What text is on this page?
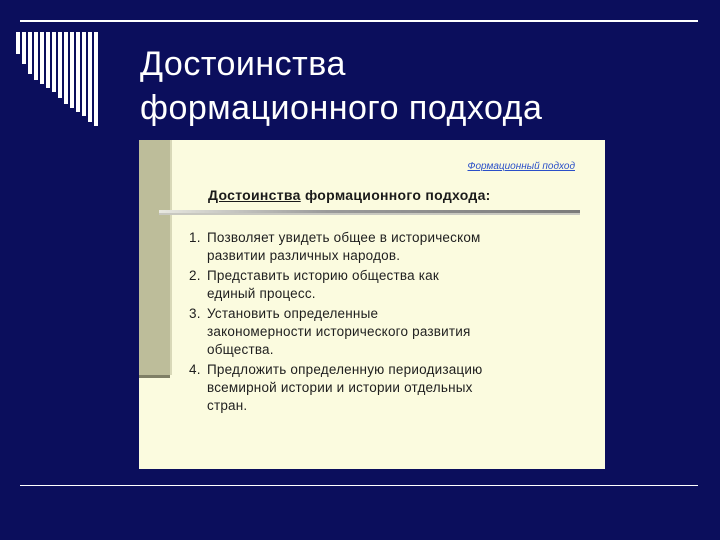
Достоинства
формационного подхода
Формационный подход
Достоинства формационного подхода:
1. Позволяет увидеть общее в историческом
развитии различных народов.
2. Представить историю общества как
единый процесс.
3. Установить определенные
закономерности исторического развития
общества.
4. Предложить определенную периодизацию
всемирной истории и истории отдельных
стран.
